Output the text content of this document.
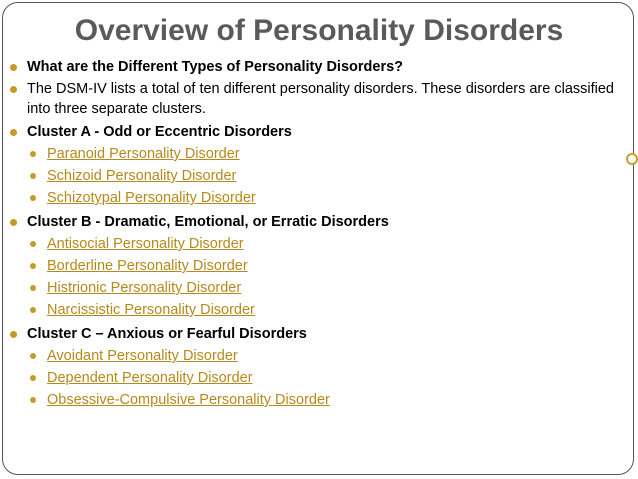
Overview of Personality Disorders
What are the Different Types of Personality Disorders?
The DSM-IV lists a total of ten different personality disorders. These disorders are classified into three separate clusters.
Cluster A - Odd or Eccentric Disorders
Paranoid Personality Disorder
Schizoid Personality Disorder
Schizotypal Personality Disorder
Cluster B - Dramatic, Emotional, or Erratic Disorders
Antisocial Personality Disorder
Borderline Personality Disorder
Histrionic Personality Disorder
Narcissistic Personality Disorder
Cluster C – Anxious or Fearful Disorders
Avoidant Personality Disorder
Dependent Personality Disorder
Obsessive-Compulsive Personality Disorder
